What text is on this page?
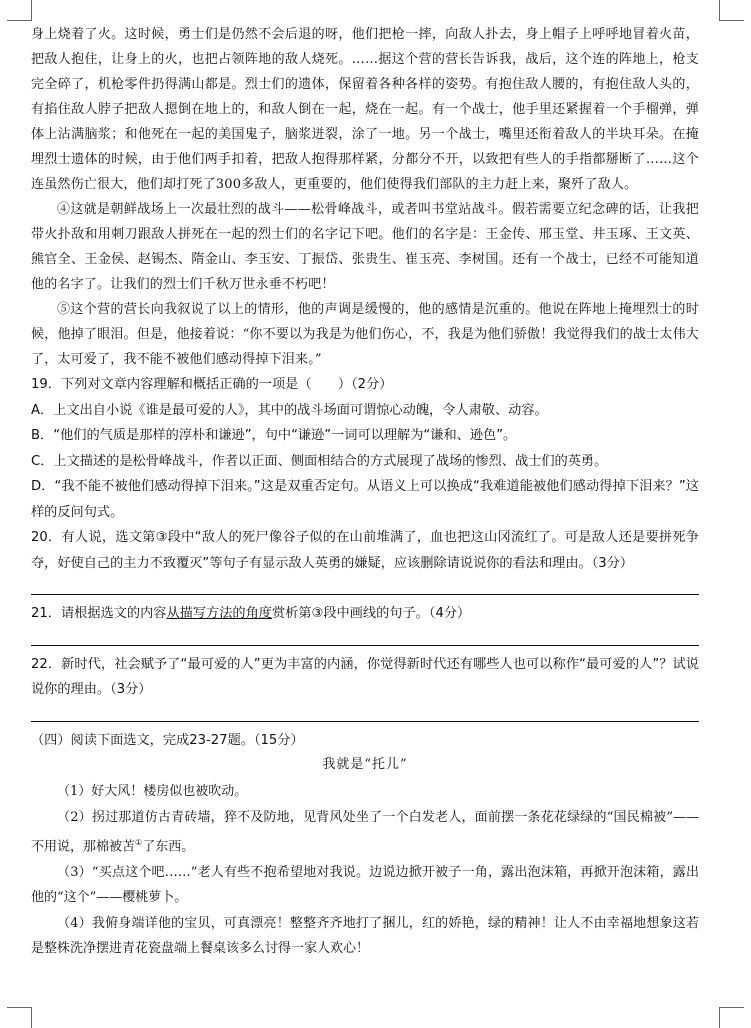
身上烧着了火。这时候，勇士们是仍然不会后退的呀，他们把枪一摔，向敌人扑去，身上帽子上呼呼地冒着火苗，把敌人抱住，让身上的火，也把占领阵地的敌人烧死。……据这个营的营长告诉我，战后，这个连的阵地上，枪支完全碎了，机枪零件扔得满山都是。烈士们的遗体，保留着各种各样的姿势。有抱住敌人腰的，有抱住敌人头的，有掐住敌人脖子把敌人摁倒在地上的，和敌人倒在一起，烧在一起。有一个战士，他手里还紧握着一个手榴弹，弹体上沾满脑浆；和他死在一起的美国鬼子，脑浆迸裂，涂了一地。另一个战士，嘴里还衔着敌人的半块耳朵。在掩埋烈士遗体的时候，由于他们两手扣着，把敌人抱得那样紧，分都分不开，以致把有些人的手指都掰断了……这个连虽然伤亡很大，他们却打死了300多敌人，更重要的，他们使得我们部队的主力赶上来，聚歼了敌人。

④这就是朝鲜战场上一次最壮烈的战斗——松骨峰战斗，或者叫书堂站战斗。假若需要立纪念碑的话，让我把带火扑敌和用刺刀跟敌人拼死在一起的烈士们的名字记下吧。他们的名字是：王金传、邢玉堂、井玉琢、王文英、熊官全、王金侯、赵锡杰、隋金山、李玉安、丁振岱、张贵生、崔玉亮、李树国。还有一个战士，已经不可能知道他的名字了。让我们的烈士们千秋万世永垂不朽吧！

⑤这个营的营长向我叙说了以上的情形，他的声调是缓慢的，他的感情是沉重的。他说在阵地上掩埋烈士的时候，他掉了眼泪。但是，他接着说：“你不要以为我是为他们伤心，不，我是为他们骄傲！我觉得我们的战士太伟大了，太可爱了，我不能不被他们感动得掉下泪来。”

19．下列对文章内容理解和概括正确的一项是（　　）（2分）

A．上文出自小说《谁是最可爱的人》，其中的战斗场面可谓惊心动魄，令人肃敬、动容。

B．“他们的气质是那样的淳朴和谦逊”，句中“谦逊”一词可以理解为“谦和、逊色”。

C．上文描述的是松骨峰战斗，作者以正面、侧面相结合的方式展现了战场的惨烈、战士们的英勇。

D．“我不能不被他们感动得掉下泪来。”这是双重否定句。从语义上可以换成“我难道能被他们感动得掉下泪来？”这样的反问句式。

20．有人说，选文第③段中“敌人的死尸像谷子似的在山前堆满了，血也把这山冈流红了。可是敌人还是要拼死争夺，好使自己的主力不致覆灭”等句子有显示敌人英勇的嫌疑，应该删除请说说你的看法和理由。（3分）

21．请根据选文的内容从描写方法的角度赏析第③段中画线的句子。（4分）

22．新时代，社会赋予了“最可爱的人”更为丰富的内涵，你觉得新时代还有哪些人也可以称作“最可爱的人”？试说说你的理由。（3分）

（四）阅读下面选文，完成23-27题。（15分）

我就是“托儿”

（1）好大风！楼房似也被吹动。

（2）拐过那道仿古青砖墙，猝不及防地，见背风处坐了一个白发老人，面前摆一条花花绿绿的“国民棉被”——不用说，那棉被苫①了东西。

（3）“买点这个吧……”老人有些不抱希望地对我说。边说边掀开被子一角，露出泡沫箱，再掀开泡沫箱，露出他的“这个”——樱桃萝卜。

（4）我俯身端详他的宝贝，可真漂亮！整整齐齐地打了捆儿，红的娇艳，绿的精神！让人不由幸福地想象这若是整株洗净摆进青花瓷盘端上餐桌该多么讨得一家人欢心！
